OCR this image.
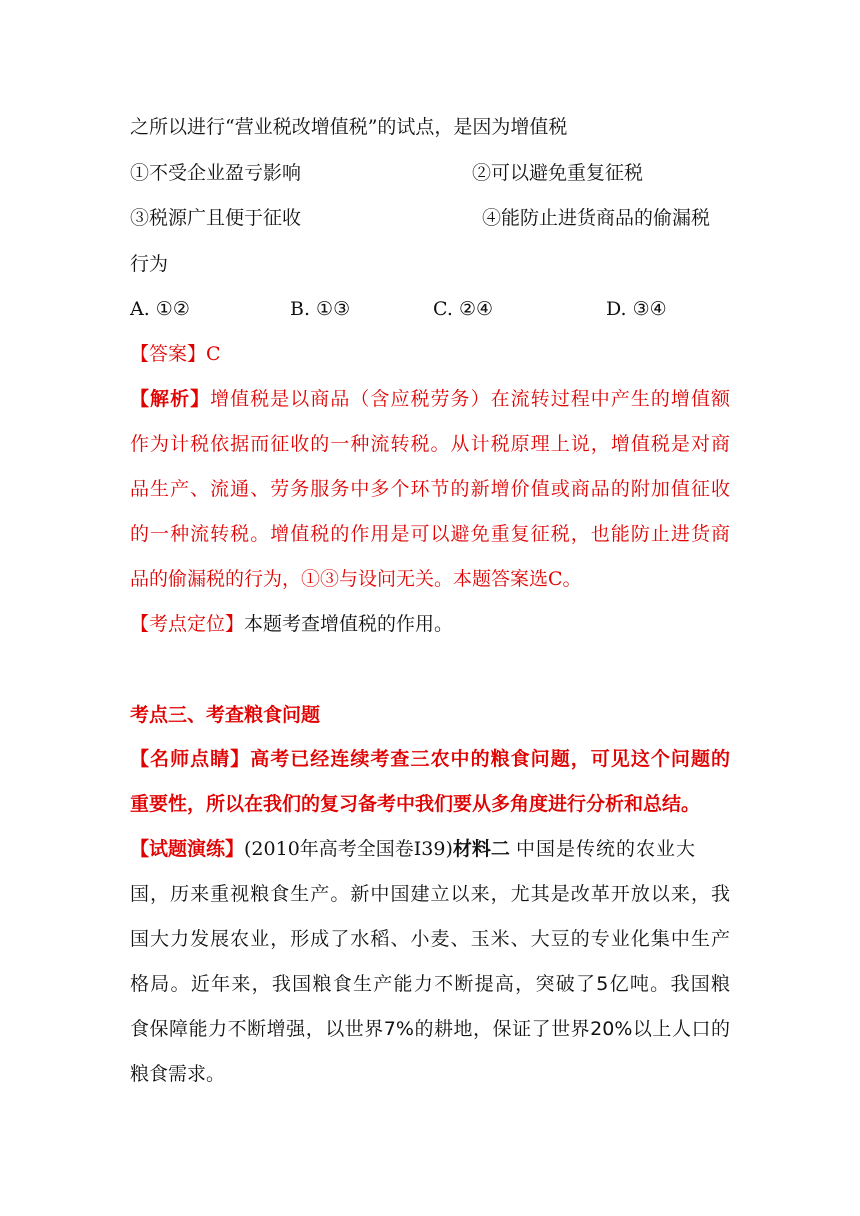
之所以进行“营业税改增值税”的试点，是因为增值税
①不受企业盈亏影响	②可以避免重复征税
③税源广且便于征收	④能防止进货商品的偷漏税
行为
A. ①②	B. ①③	C. ②④	D. ③④
【答案】C
【解析】增值税是以商品（含应税劳务）在流转过程中产生的增值额
作为计税依据而征收的一种流转税。从计税原理上说，增值税是对商
品生产、流通、劳务服务中多个环节的新增价值或商品的附加值征收
的一种流转税。增值税的作用是可以避免重复征税，也能防止进货商
品的偷漏税的行为，①③与设问无关。本题答案选C。
【考点定位】本题考查增值税的作用。
考点三、考查粮食问题
【名师点睛】高考已经连续考查三农中的粮食问题，可见这个问题的
重要性，所以在我们的复习备考中我们要从多角度进行分析和总结。
【试题演练】(2010年高考全国卷Ⅰ39)材料二 中国是传统的农业大
国，历来重视粮食生产。新中国建立以来，尤其是改革开放以来，我
国大力发展农业，形成了水稻、小麦、玉米、大豆的专业化集中生产
格局。近年来，我国粮食生产能力不断提高，突破了5亿吨。我国粮
食保障能力不断增强，以世界7%的耕地，保证了世界20%以上人口的
粮食需求。
